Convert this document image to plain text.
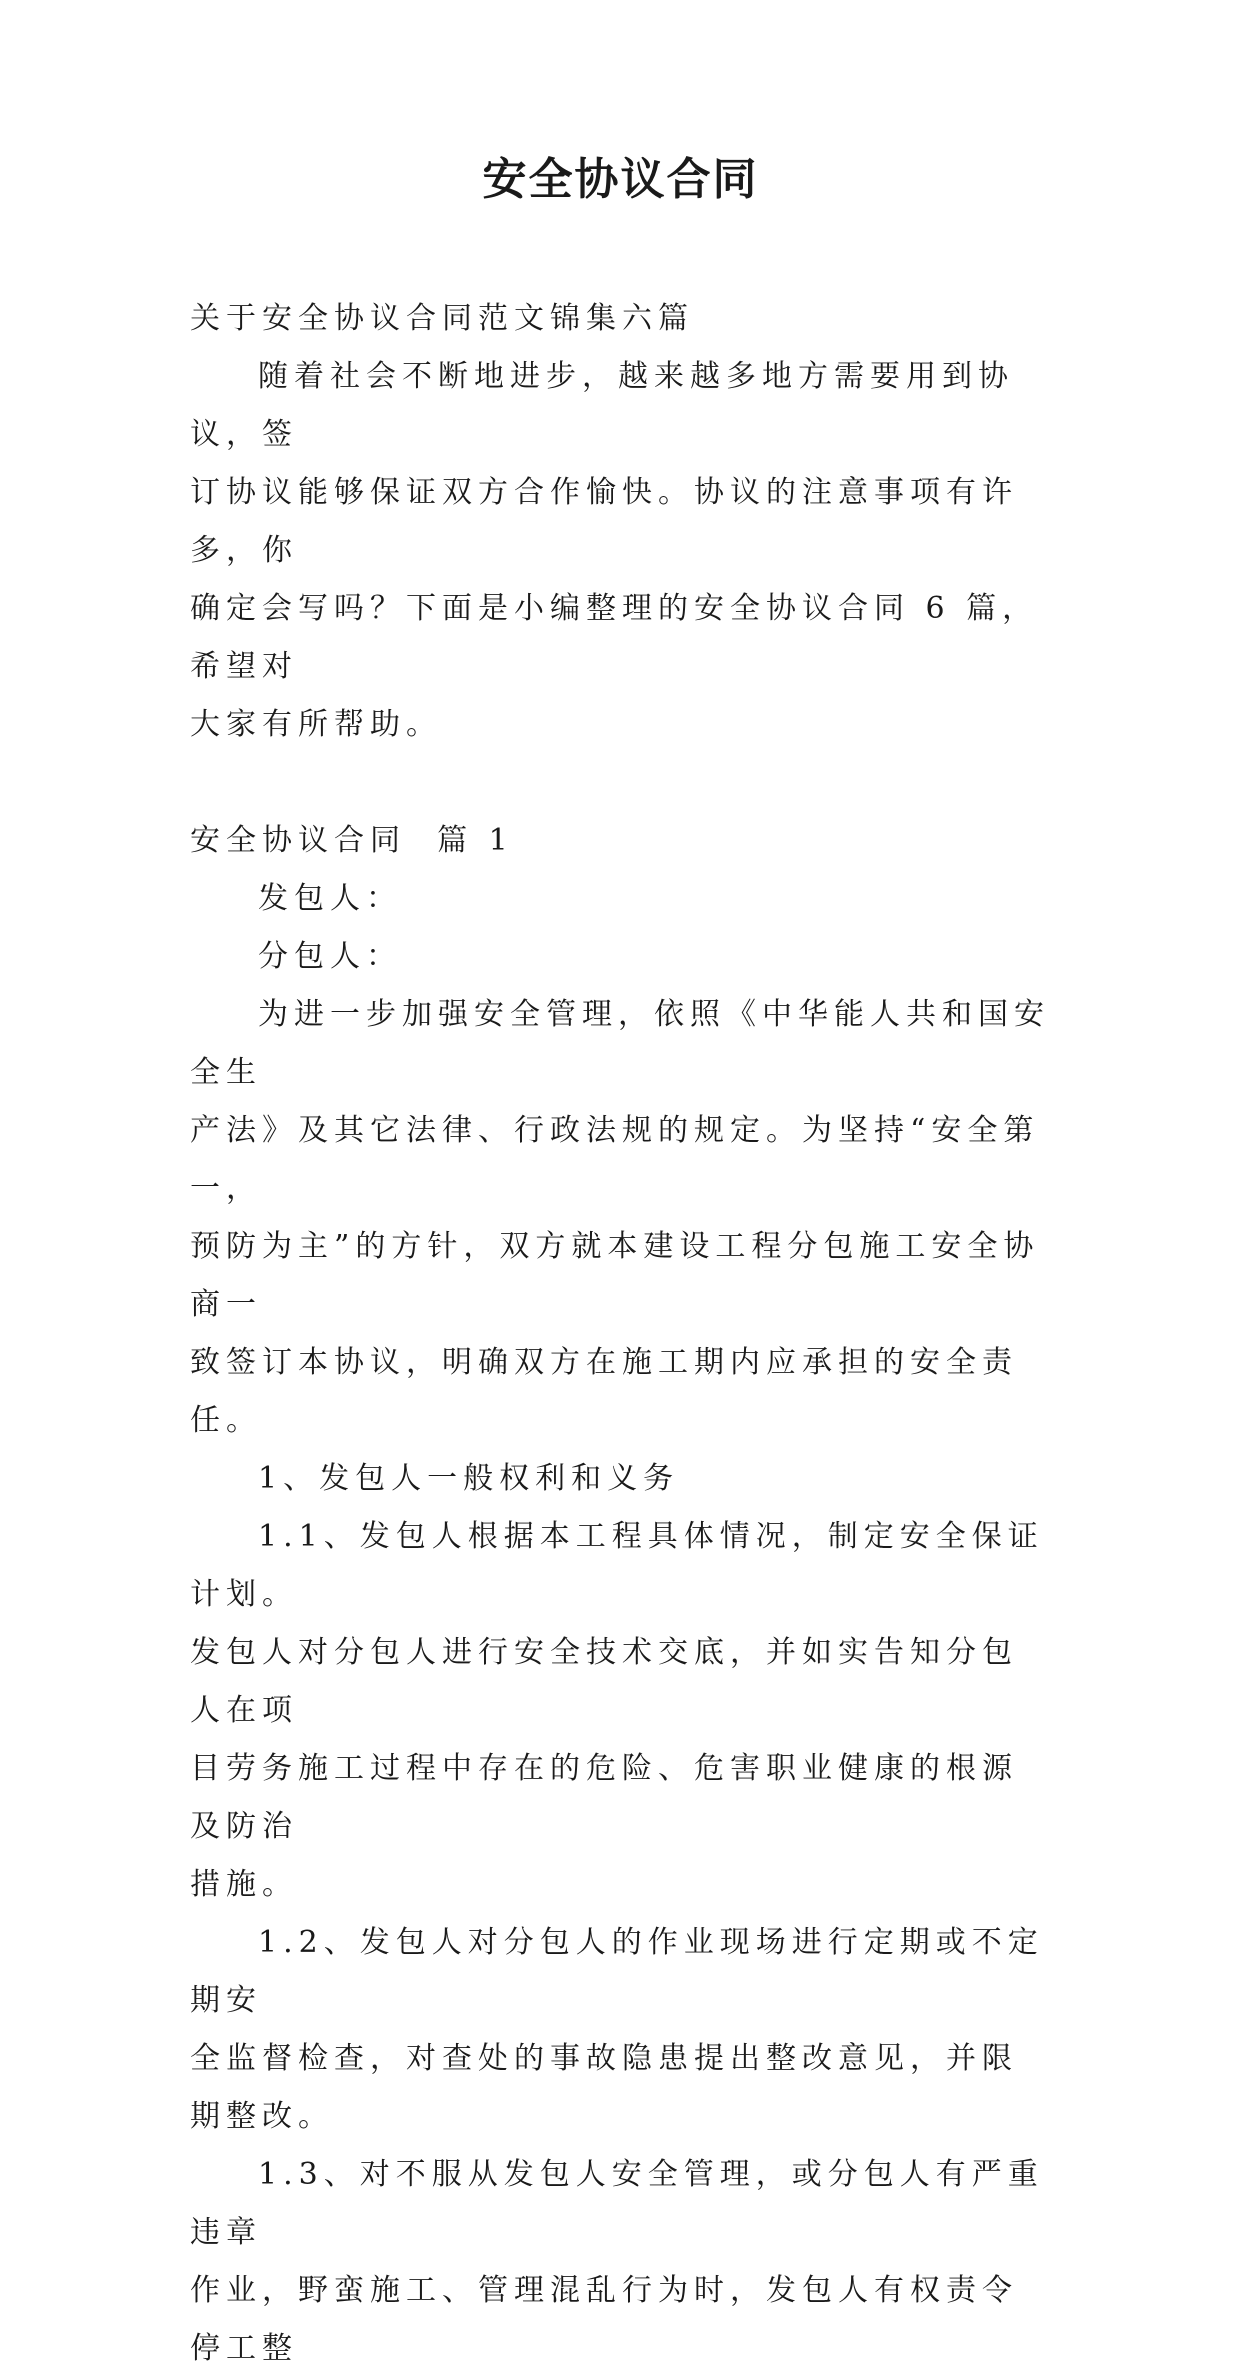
安全协议合同

关于安全协议合同范文锦集六篇

随着社会不断地进步，越来越多地方需要用到协议，签

订协议能够保证双方合作愉快。协议的注意事项有许多，你

确定会写吗？下面是小编整理的安全协议合同 6 篇，希望对

大家有所帮助。

安全协议合同  篇 1

发包人：

分包人：

为进一步加强安全管理，依照《中华能人共和国安全生

产法》及其它法律、行政法规的规定。为坚持“安全第一，

预防为主”的方针，双方就本建设工程分包施工安全协商一

致签订本协议，明确双方在施工期内应承担的安全责任。

1、发包人一般权利和义务

1.1、发包人根据本工程具体情况，制定安全保证计划。

发包人对分包人进行安全技术交底，并如实告知分包人在项

目劳务施工过程中存在的危险、危害职业健康的根源及防治

措施。

1.2、发包人对分包人的作业现场进行定期或不定期安

全监督检查，对查处的事故隐患提出整改意见，并限期整改。

1.3、对不服从发包人安全管理，或分包人有严重违章

作业，野蛮施工、管理混乱行为时，发包人有权责令停工整
